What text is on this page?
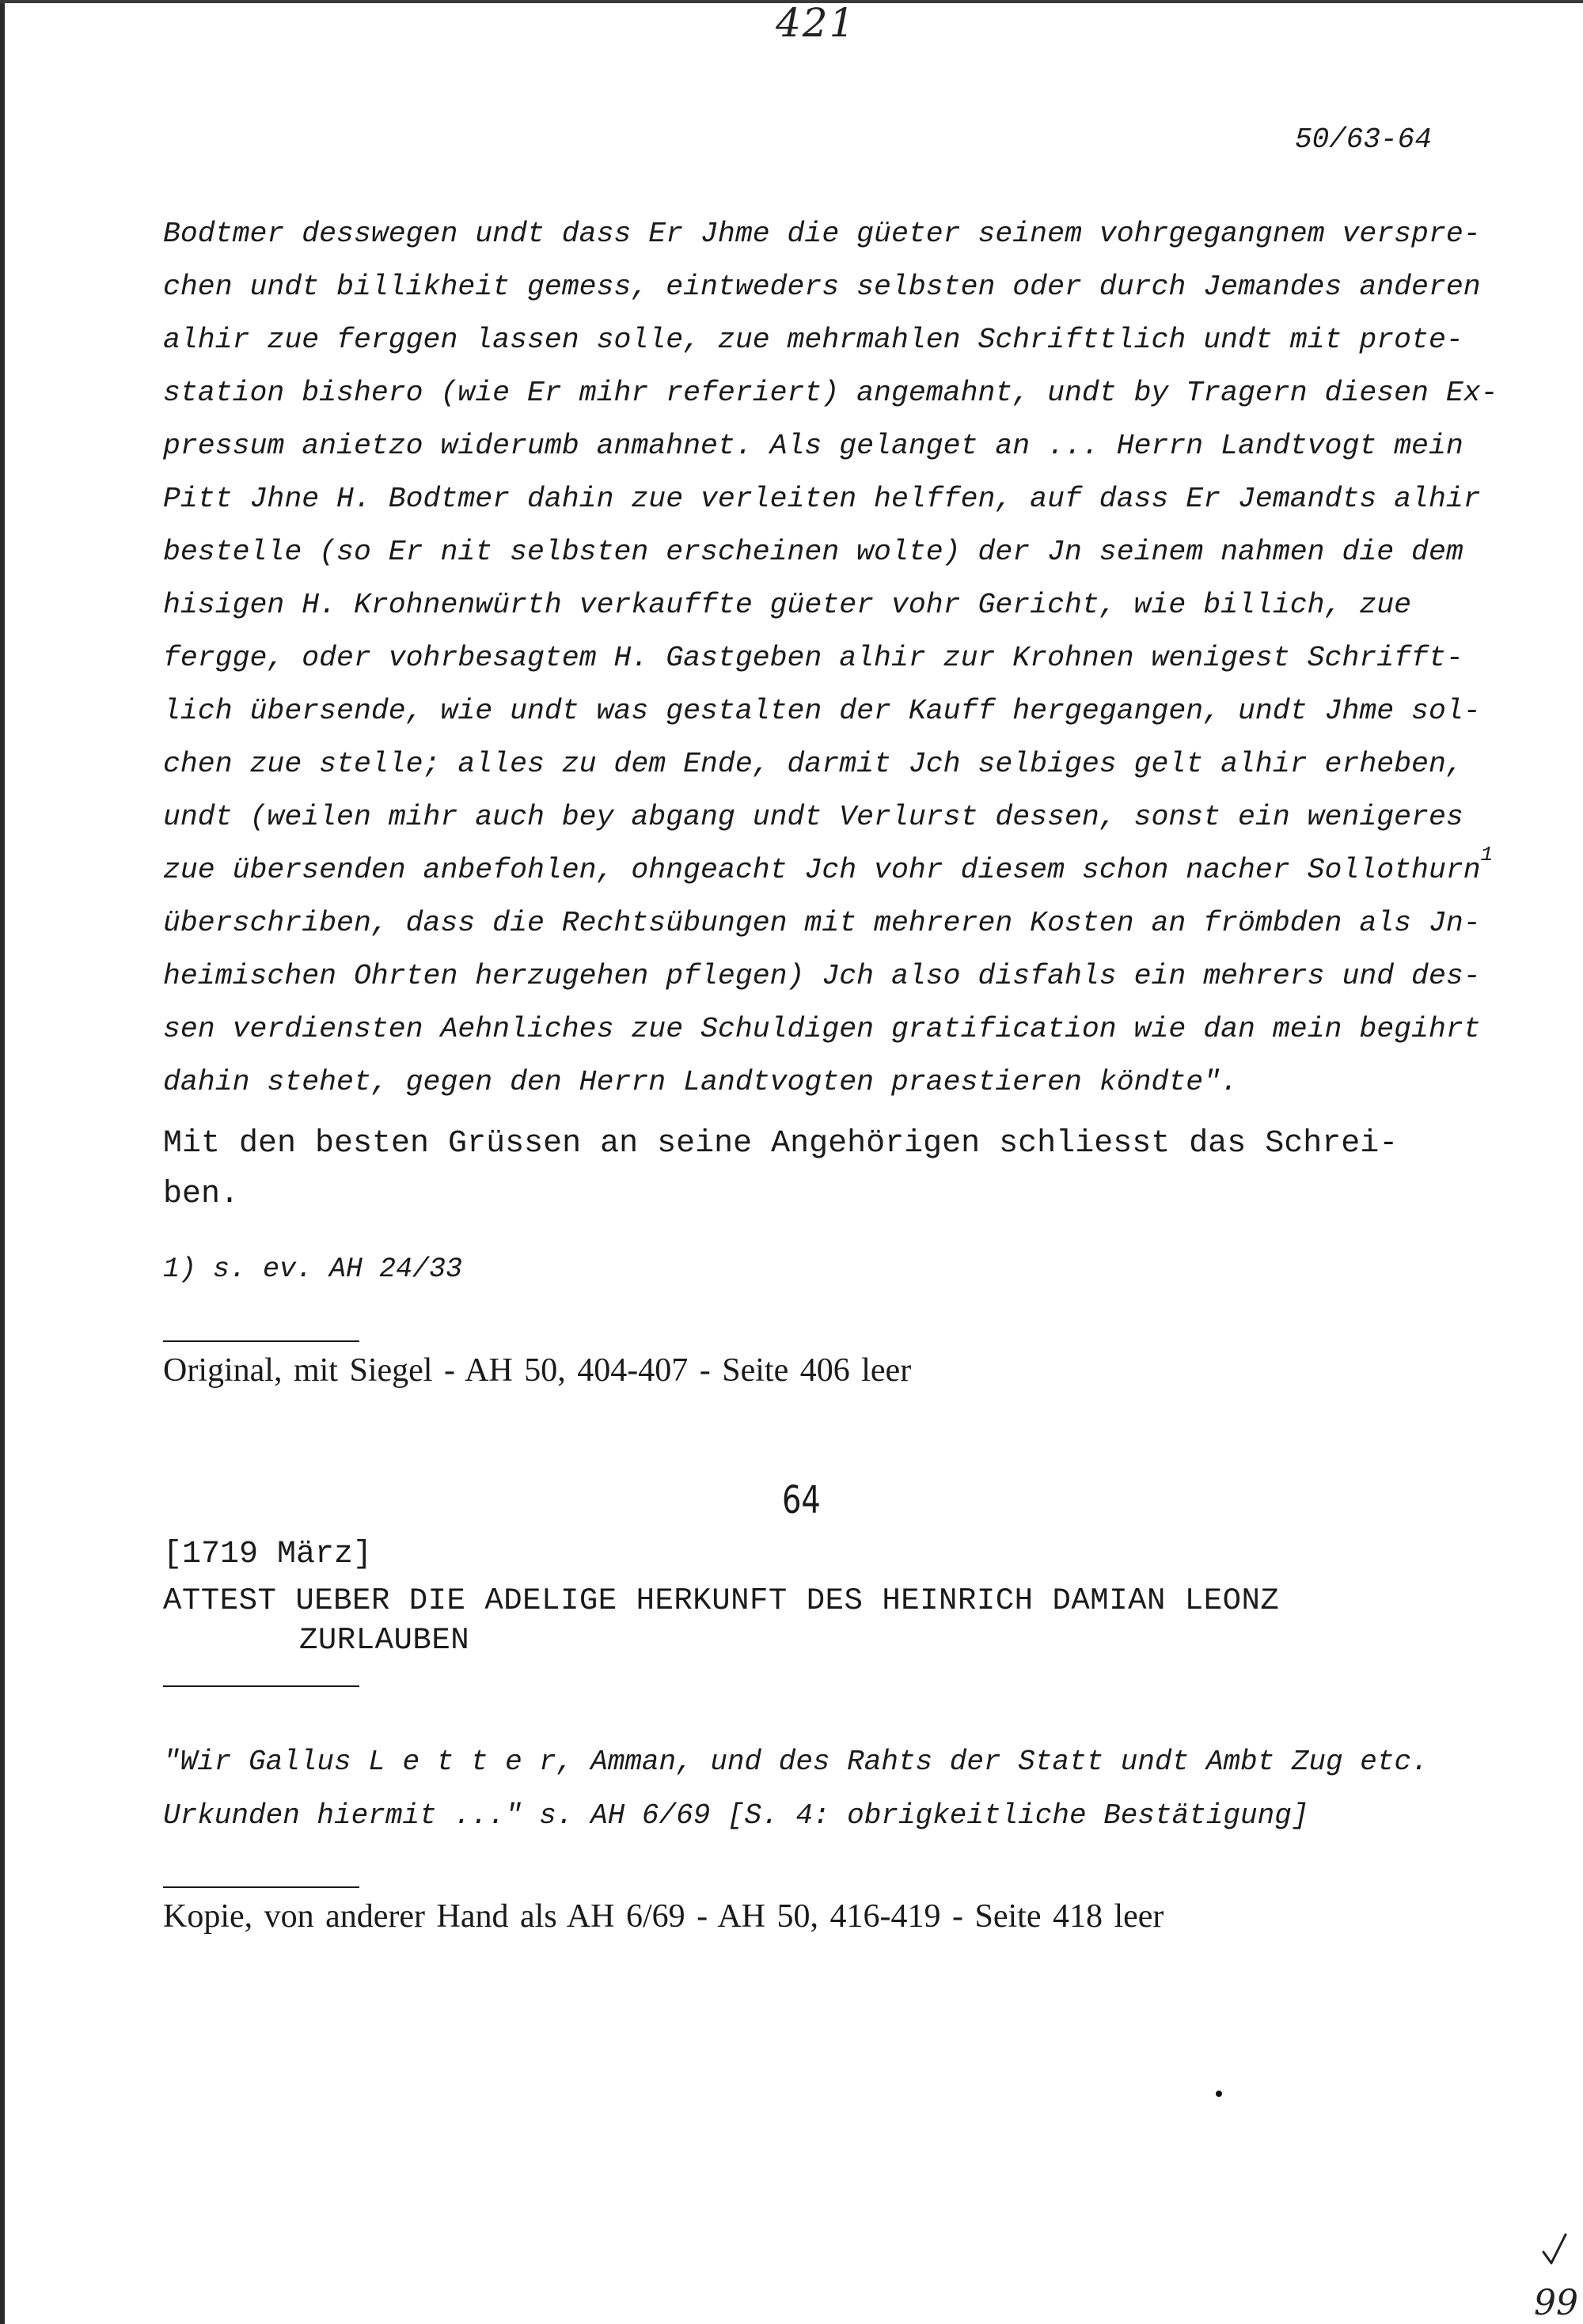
421
50/63-64
Bodtmer desswegen undt dass Er Jhme die güeter seinem vohrgegangnem verspre-
chen undt billikheit gemess, eintweders selbsten oder durch Jemandes anderen
alhir zue ferggen lassen solle, zue mehrmahlen Schrifttlich undt mit prote-
station bishero (wie Er mihr referiert) angemahnt, undt by Tragern diesen Ex-
pressum anietzo widerumb anmahnet. Als gelanget an ... Herrn Landtvogt mein
Pitt Jhne H. Bodtmer dahin zue verleiten helffen, auf dass Er Jemandts alhir
bestelle (so Er nit selbsten erscheinen wolte) der Jn seinem nahmen die dem
hisigen H. Krohnenwürth verkauffte güeter vohr Gericht, wie billich, zue
fergge, oder vohrbesagtem H. Gastgeben alhir zur Krohnen wenigest Schrifft-
lich übersende, wie undt was gestalten der Kauff hergegangen, undt Jhme sol-
chen zue stelle; alles zu dem Ende, darmit Jch selbiges gelt alhir erheben,
undt (weilen mihr auch bey abgang undt Verlurst dessen, sonst ein wenigeres
zue übersenden anbefohlen, ohngeacht Jch vohr diesem schon nacher Sollothurn$^1$
überschriben, dass die Rechtsübungen mit mehreren Kosten an frömbden als Jn-
heimischen Ohrten herzugehen pflegen) Jch also disfahls ein mehrers und des-
sen verdiensten Aehnliches zue Schuldigen gratification wie dan mein begihrt
dahin stehet, gegen den Herrn Landtvogten praestieren köndte".
Mit den besten Grüssen an seine Angehörigen schliesst das Schrei-
ben.
1) s. ev. AH 24/33
Original, mit Siegel - AH 50, 404-407 - Seite 406 leer
64
[1719 März]
ATTEST UEBER DIE ADELIGE HERKUNFT DES HEINRICH DAMIAN LEONZ
ZURLAUBEN
"Wir Gallus L e t t e r, Amman, und des Rahts der Statt undt Ambt Zug etc.
Urkunden hiermit ..." s. AH 6/69 [S. 4: obrigkeitliche Bestätigung]
Kopie, von anderer Hand als AH 6/69 - AH 50, 416-419 - Seite 418 leer
99
